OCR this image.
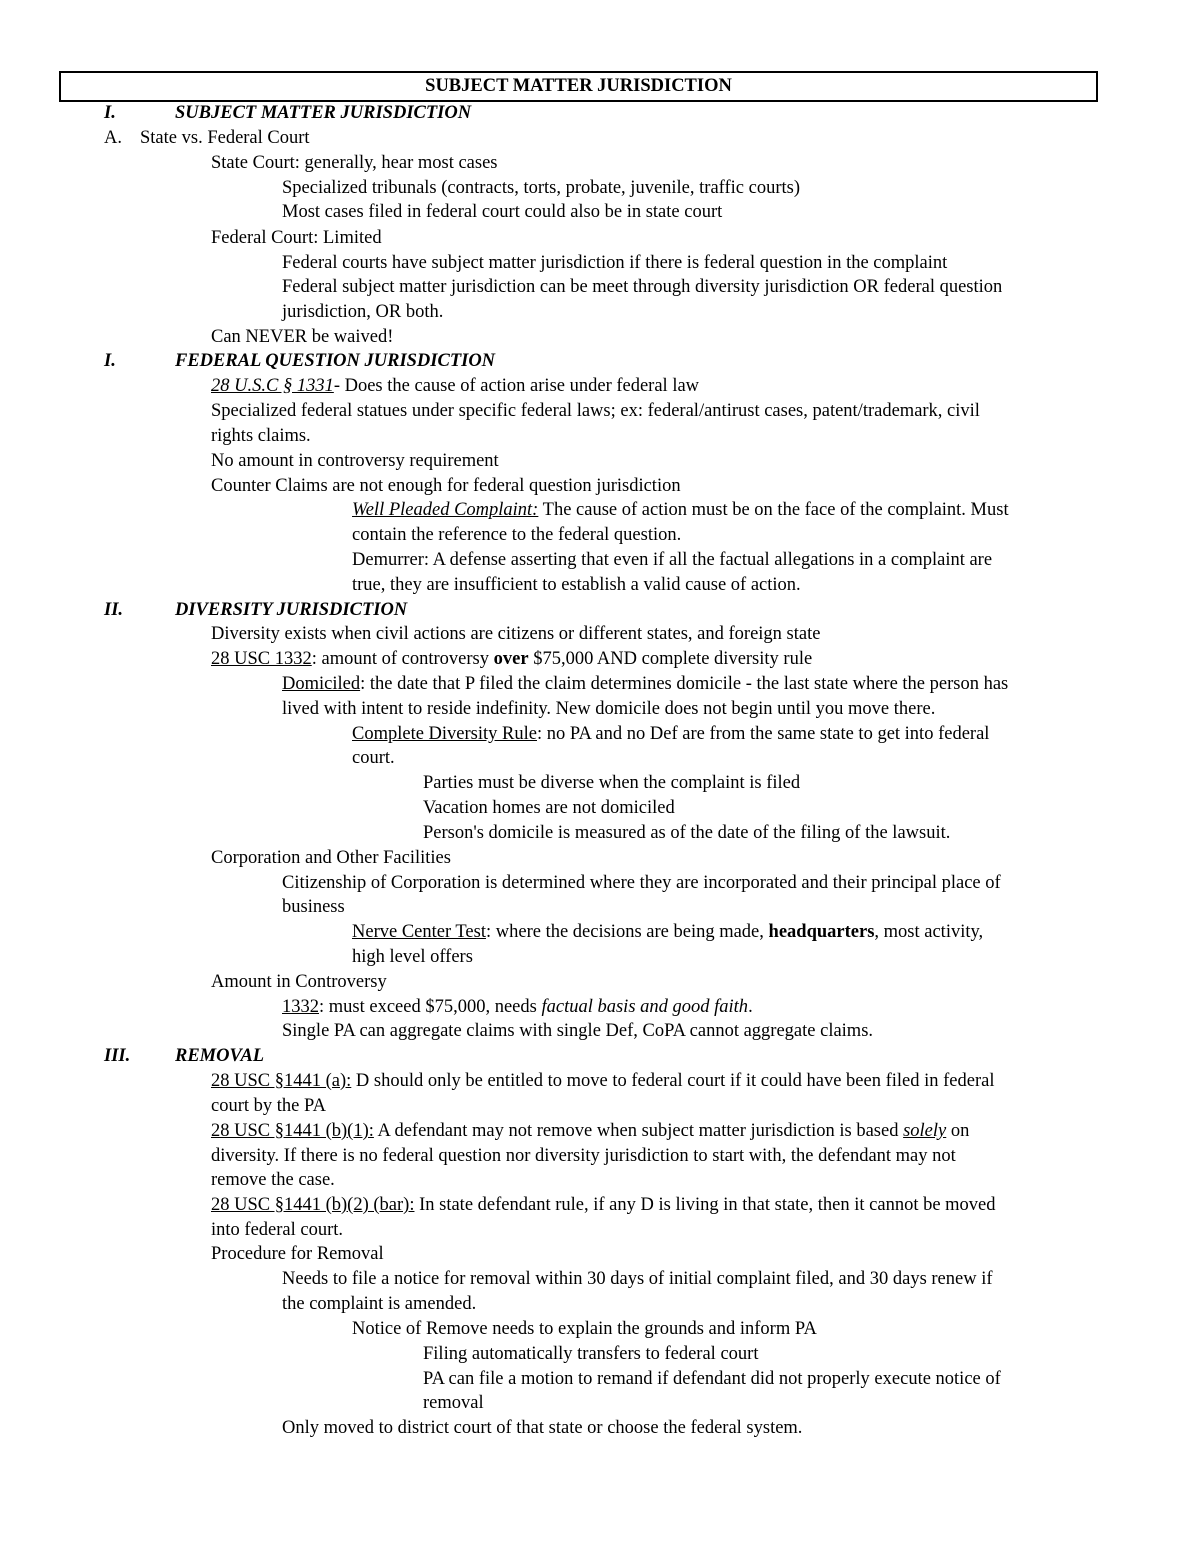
SUBJECT MATTER JURISDICTION
I.	SUBJECT MATTER JURISDICTION
A. State vs. Federal Court
State Court: generally, hear most cases
Specialized tribunals (contracts, torts, probate, juvenile, traffic courts)
Most cases filed in federal court could also be in state court
Federal Court: Limited
Federal courts have subject matter jurisdiction if there is federal question in the complaint
Federal subject matter jurisdiction can be meet through diversity jurisdiction OR federal question
jurisdiction, OR both.
Can NEVER be waived!
I.	FEDERAL QUESTION JURISDICTION
28 U.S.C § 1331- Does the cause of action arise under federal law
Specialized federal statues under specific federal laws; ex: federal/antirust cases, patent/trademark, civil
rights claims.
No amount in controversy requirement
Counter Claims are not enough for federal question jurisdiction
Well Pleaded Complaint: The cause of action must be on the face of the complaint. Must
contain the reference to the federal question.
Demurrer: A defense asserting that even if all the factual allegations in a complaint are
true, they are insufficient to establish a valid cause of action.
II.	DIVERSITY JURISDICTION
Diversity exists when civil actions are citizens or different states, and foreign state
28 USC 1332: amount of controversy over $75,000 AND complete diversity rule
Domiciled: the date that P filed the claim determines domicile - the last state where the person has
lived with intent to reside indefinity. New domicile does not begin until you move there.
Complete Diversity Rule: no PA and no Def are from the same state to get into federal
court.
Parties must be diverse when the complaint is filed
Vacation homes are not domiciled
Person's domicile is measured as of the date of the filing of the lawsuit.
Corporation and Other Facilities
Citizenship of Corporation is determined where they are incorporated and their principal place of
business
Nerve Center Test: where the decisions are being made, headquarters, most activity,
high level offers
Amount in Controversy
1332: must exceed $75,000, needs factual basis and good faith.
Single PA can aggregate claims with single Def, CoPA cannot aggregate claims.
III. REMOVAL
28 USC §1441 (a): D should only be entitled to move to federal court if it could have been filed in federal
court by the PA
28 USC §1441 (b)(1): A defendant may not remove when subject matter jurisdiction is based solely on
diversity. If there is no federal question nor diversity jurisdiction to start with, the defendant may not
remove the case.
28 USC §1441 (b)(2) (bar): In state defendant rule, if any D is living in that state, then it cannot be moved
into federal court.
Procedure for Removal
Needs to file a notice for removal within 30 days of initial complaint filed, and 30 days renew if
the complaint is amended.
Notice of Remove needs to explain the grounds and inform PA
Filing automatically transfers to federal court
PA can file a motion to remand if defendant did not properly execute notice of
removal
Only moved to district court of that state or choose the federal system.
